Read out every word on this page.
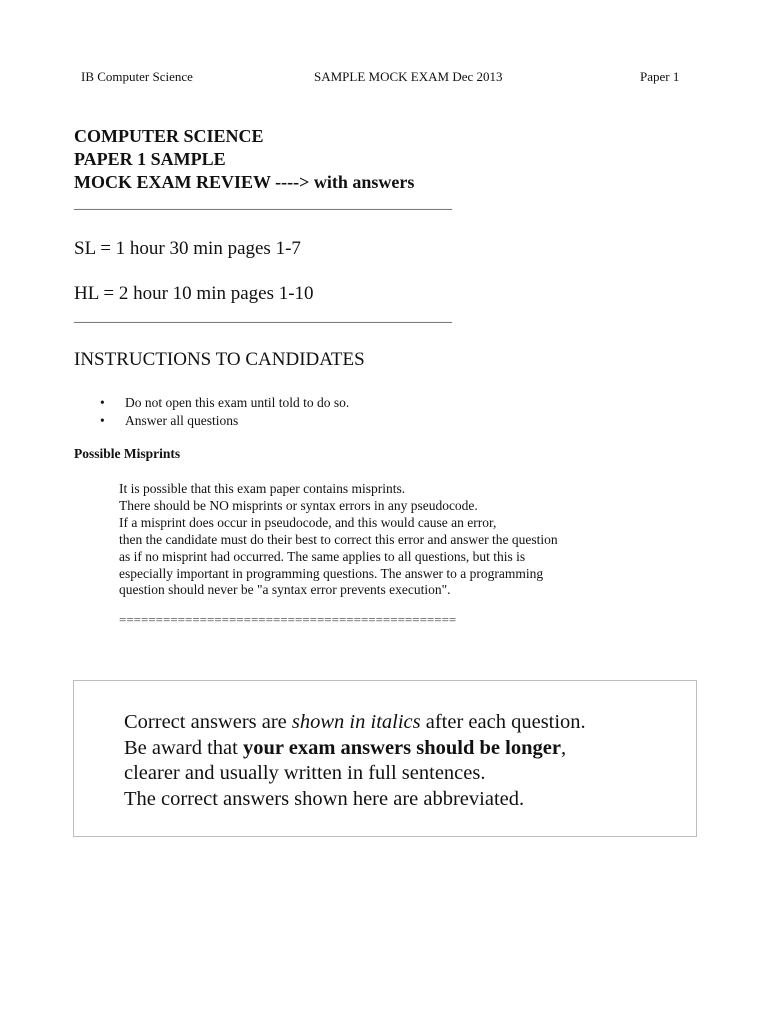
IB Computer Science	SAMPLE MOCK EXAM Dec 2013	Paper 1
COMPUTER SCIENCE
PAPER 1 SAMPLE
MOCK EXAM REVIEW ----> with answers
______________________________________________________
SL = 1 hour 30 min pages 1-7
HL = 2 hour 10 min pages 1-10
______________________________________________________
INSTRUCTIONS TO CANDIDATES
•	Do not open this exam until told to do so.
•	Answer all questions
Possible Misprints
It is possible that this exam paper contains misprints.
There should be NO misprints or syntax errors in any pseudocode.
If a misprint does occur in pseudocode, and this would cause an error,
then the candidate must do their best to correct this error and answer the question
as if no misprint had occurred. The same applies to all questions, but this is
especially important in programming questions. The answer to a programming
question should never be "a syntax error prevents execution".
==============================================
Correct answers are shown in italics after each question.
Be award that your exam answers should be longer,
clearer and usually written in full sentences.
The correct answers shown here are abbreviated.
